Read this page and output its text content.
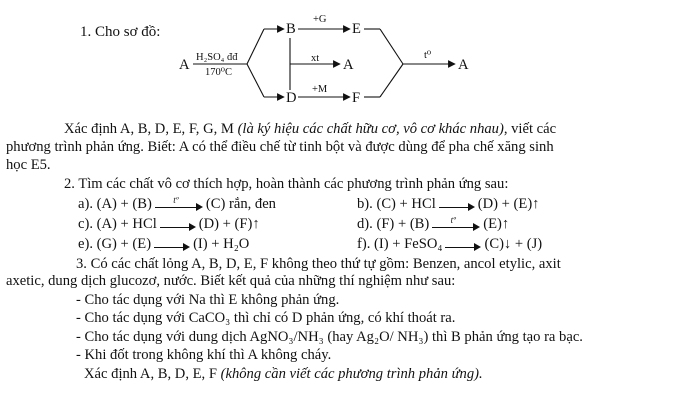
1. Cho sơ đồ:
A H₂SO₄ đđ
170⁰C
B
+G
E
xt A
D
+M
F
t⁰
A
Xác định A, B, D, E, F, G, M (là ký hiệu các chất hữu cơ, vô cơ khác nhau), viết các
phương trình phản ứng. Biết: A có thể điều chế từ tinh bột và được dùng để pha chế xăng sinh
học E5.
2. Tìm các chất vô cơ thích hợp, hoàn thành các phương trình phản ứng sau:
a). (A) + (B)	tº	(C) rắn, đen	b). (C) + HCl	(D) + (E)↑
c). (A) + HCl	(D) + (F)↑	d). (F) + (B)	tº	(E)↑
e). (G) + (E)	(I) + H₂O	f). (I) + FeSO₄	(C)↓ + (J)
3. Có các chất lỏng A, B, D, E, F không theo thứ tự gồm: Benzen, ancol etylic, axit
axetic, dung dịch glucozơ, nước. Biết kết quả của những thí nghiệm như sau:
- Cho tác dụng với Na thì E không phản ứng.
- Cho tác dụng với CaCO₃ thì chỉ có D phản ứng, có khí thoát ra.
- Cho tác dụng với dung dịch AgNO₃/NH₃ (hay Ag₂O/ NH₃) thì B phản ứng tạo ra bạc.
- Khi đốt trong không khí thì A không cháy.
Xác định A, B, D, E, F (không cần viết các phương trình phản ứng).
